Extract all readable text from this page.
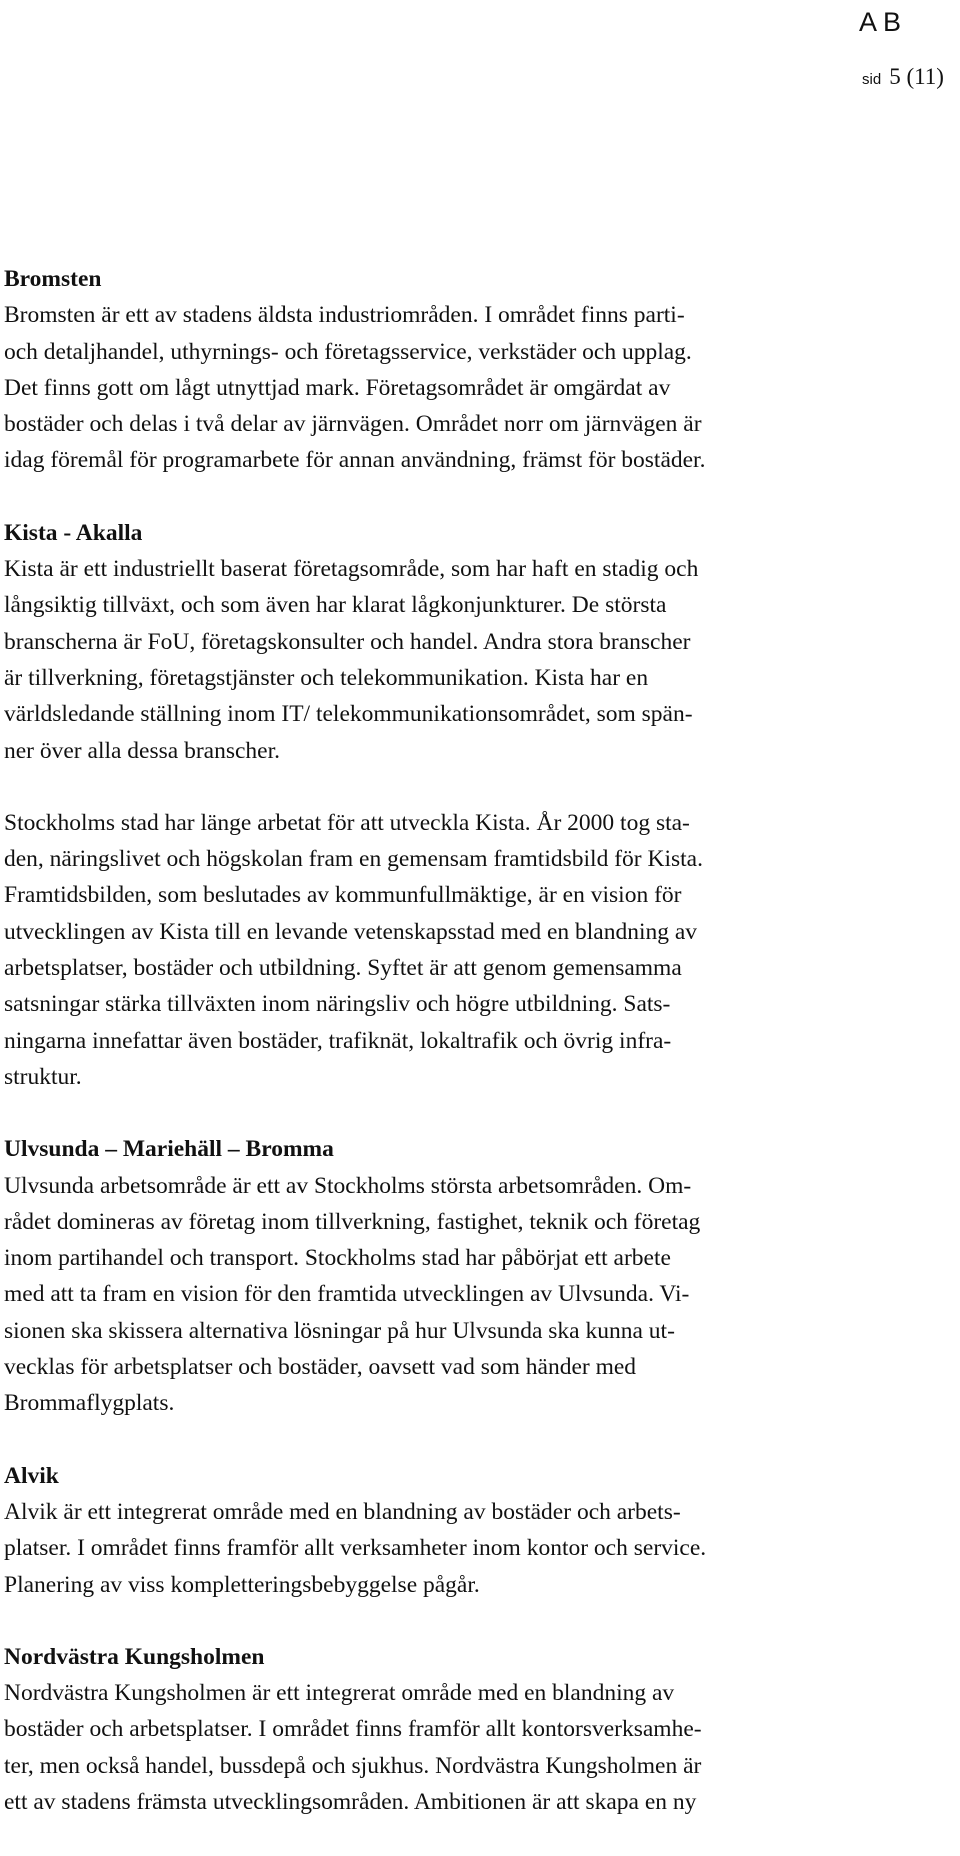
AB
sid 5 (11)
Bromsten

Bromsten är ett av stadens äldsta industriområden. I området finns parti-
och detaljhandel, uthyrnings- och företagsservice, verkstäder och upplag.
Det finns gott om lågt utnyttjad mark. Företagsområdet är omgärdat av
bostäder och delas i två delar av järnvägen. Området norr om järnvägen är
idag föremål för programarbete för annan användning, främst för bostäder.

Kista - Akalla

Kista är ett industriellt baserat företagsområde, som har haft en stadig och
långsiktig tillväxt, och som även har klarat lågkonjunkturer. De största
branscherna är FoU, företagskonsulter och handel. Andra stora branscher
är tillverkning, företagstjänster och telekommunikation. Kista har en
världsledande ställning inom IT/ telekommunikationsområdet, som spän-
ner över alla dessa branscher.

Stockholms stad har länge arbetat för att utveckla Kista. År 2000 tog sta-
den, näringslivet och högskolan fram en gemensam framtidsbild för Kista.
Framtidsbilden, som beslutades av kommunfullmäktige, är en vision för
utvecklingen av Kista till en levande vetenskapsstad med en blandning av
arbetsplatser, bostäder och utbildning. Syftet är att genom gemensamma
satsningar stärka tillväxten inom näringsliv och högre utbildning. Sats-
ningarna innefattar även bostäder, trafiknät, lokaltrafik och övrig infra-
struktur.

Ulvsunda – Mariehäll – Bromma

Ulvsunda arbetsområde är ett av Stockholms största arbetsområden. Om-
rådet domineras av företag inom tillverkning, fastighet, teknik och företag
inom partihandel och transport. Stockholms stad har påbörjat ett arbete
med att ta fram en vision för den framtida utvecklingen av Ulvsunda. Vi-
sionen ska skissera alternativa lösningar på hur Ulvsunda ska kunna ut-
vecklas för arbetsplatser och bostäder, oavsett vad som händer med
Brommaflygplats.

Alvik

Alvik är ett integrerat område med en blandning av bostäder och arbets-
platser. I området finns framför allt verksamheter inom kontor och service.
Planering av viss kompletteringsbebyggelse pågår.

Nordvästra Kungsholmen

Nordvästra Kungsholmen är ett integrerat område med en blandning av
bostäder och arbetsplatser. I området finns framför allt kontorsverksamhe-
ter, men också handel, bussdepå och sjukhus. Nordvästra Kungsholmen är
ett av stadens främsta utvecklingsområden. Ambitionen är att skapa en ny
